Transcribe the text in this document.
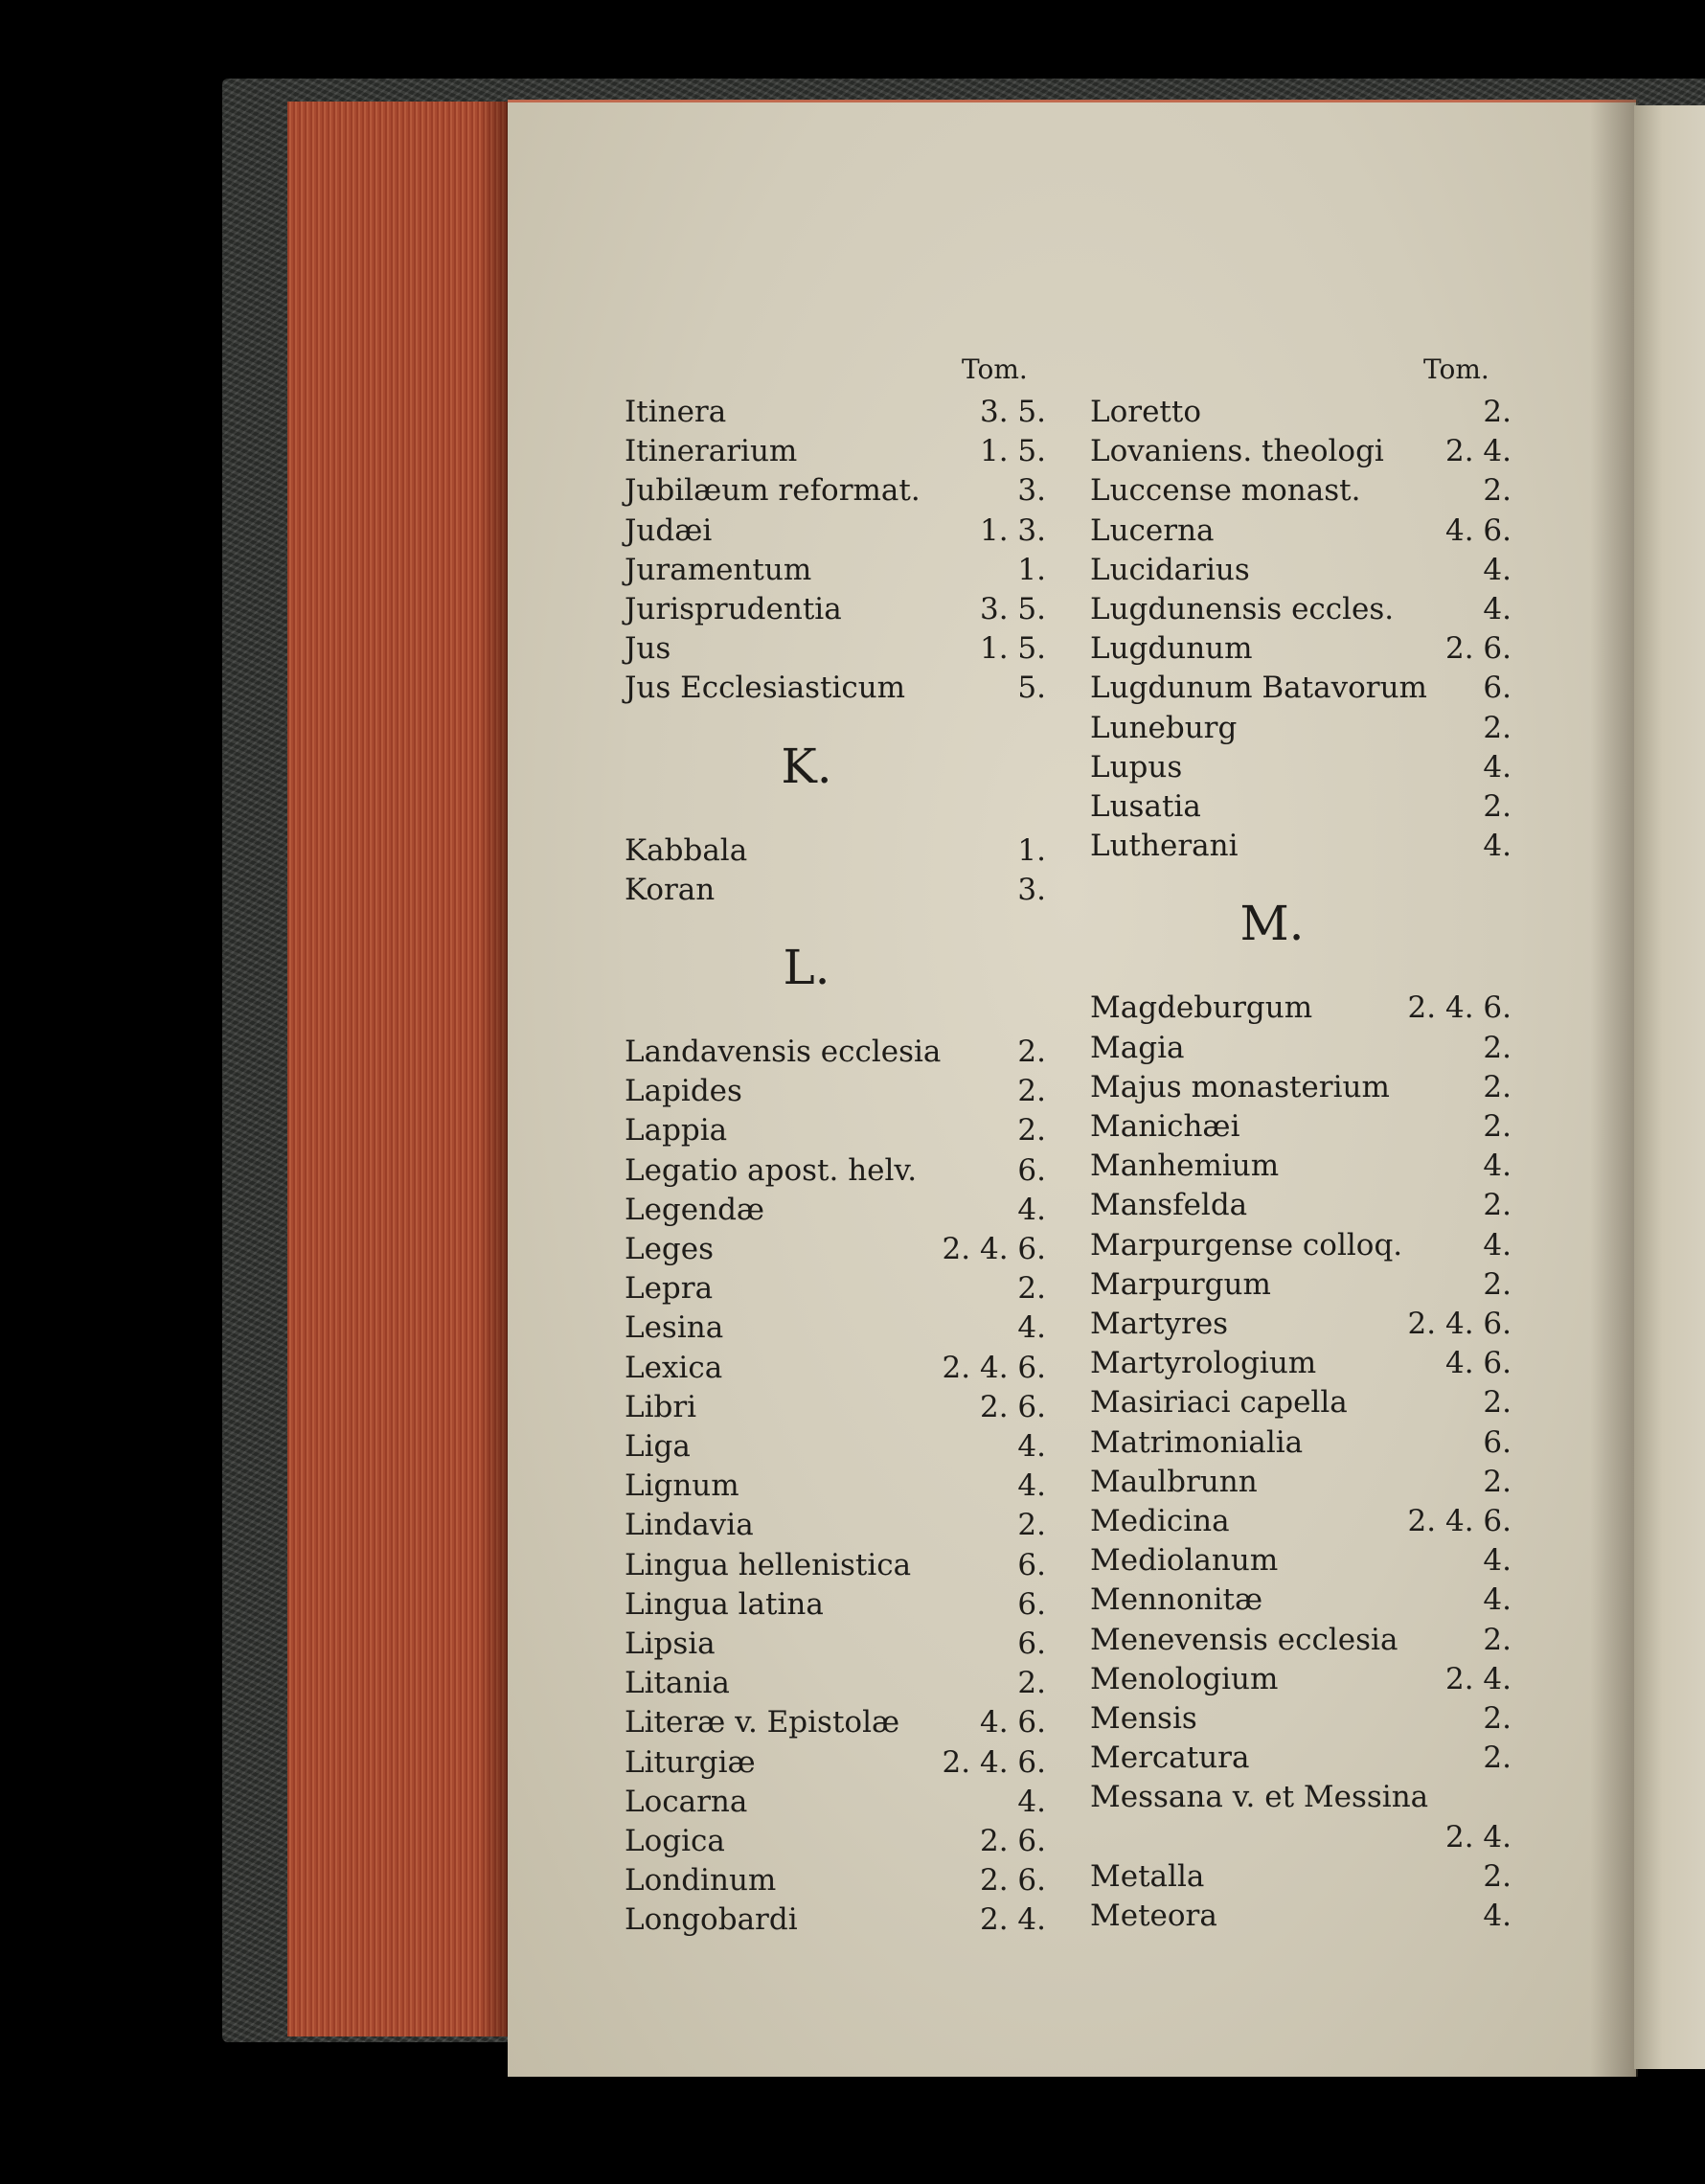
Tom.
Itinera	3. 5.
Itinerarium	1. 5.
Jubilæum reformat.	3.
Judæi	1. 3.
Juramentum	1.
Jurisprudentia	3. 5.
Jus	1. 5.
Jus Ecclesiasticum	5.
K.
Kabbala	1.
Koran	3.
L.
Landavensis ecclesia	2.
Lapides	2.
Lappia	2.
Legatio apost. helv.	6.
Legendæ	4.
Leges	2. 4. 6.
Lepra	2.
Lesina	4.
Lexica	2. 4. 6.
Libri	2. 6.
Liga	4.
Lignum	4.
Lindavia	2.
Lingua hellenistica	6.
Lingua latina	6.
Lipsia	6.
Litania	2.
Literæ v. Epistolæ	4. 6.
Liturgiæ	2. 4. 6.
Locarna	4.
Logica	2. 6.
Londinum	2. 6.
Longobardi	2. 4.
Tom.
Loretto	2.
Lovaniens. theologi 2. 4.
Luccense monast.	2.
Lucerna	4. 6.
Lucidarius	4.
Lugdunensis eccles.	4.
Lugdunum	2. 6.
Lugdunum Batavorum 6.
Luneburg	2.
Lupus	4.
Lusatia	2.
Lutherani	4.
M.
Magdeburgum	2. 4. 6.
Magia	2.
Majus monasterium	2.
Manichæi	2.
Manhemium	4.
Mansfelda	2.
Marpurgense colloq.	4.
Marpurgum	2.
Martyres	2. 4. 6.
Martyrologium	4. 6.
Masiriaci capella	2.
Matrimonialia	6.
Maulbrunn	2.
Medicina	2. 4. 6.
Mediolanum	4.
Mennonitæ	4.
Menevensis ecclesia	2.
Menologium	2. 4.
Mensis	2.
Mercatura	2.
Messana v. et Messina
2. 4.
Metalla	2.
Meteora	4.
